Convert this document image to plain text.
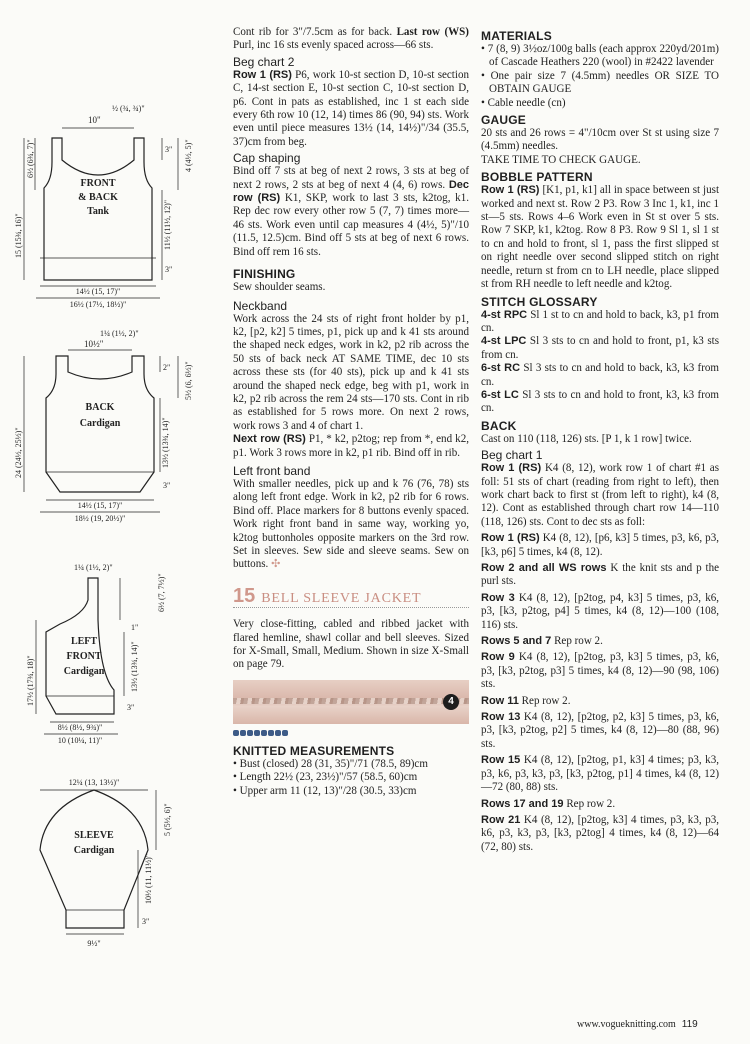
FRONT
& BACK
Tank
½ (¾, ¾)"
10"
6½ (6¾, 7)"
15 (15¾, 16)"
3" 4 (4½, 5)"
11½ (11½, 12)"
3"
14½ (15, 17)"
16½ (17½, 18½)"
1¼ (1½, 2)"
10½"
BACK
Cardigan
24 (24½, 25½)"
2" 5½ (6, 6½)"
13½ (13¾, 14)"
3"
14½ (15, 17)"
18½ (19, 20½)"
1¼ (1½, 2)"
LEFT
FRONT
Cardigan
6½ (7, 7½)"
1"
17½ (17¾, 18)"	13½ (13¾, 14)"
3"
8½ (8½, 9¾)"
10 (10¼, 11)"
12¼ (13, 13½)"
SLEEVE
Cardigan
5 (5½, 6)"
10½ (11, 11½)"
3"
9½"

Cont rib for 3"/7.5cm as for back. Last row (WS) Purl, inc 16 sts evenly spaced across—66 sts.

Beg chart 2

Row 1 (RS) P6, work 10-st section D, 10-st section C, 14-st section E, 10-st section C, 10-st section D, p6. Cont in pats as established, inc 1 st each side every 6th row 10 (12, 14) times 86 (90, 94) sts. Work even until piece measures 13½ (14, 14½)"/34 (35.5, 37)cm from beg.

Cap shaping

Bind off 7 sts at beg of next 2 rows, 3 sts at beg of next 2 rows, 2 sts at beg of next 4 (4, 6) rows. Dec row (RS) K1, SKP, work to last 3 sts, k2tog, k1. Rep dec row every other row 5 (7, 7) times more—46 sts. Work even until cap measures 4 (4½, 5)"/10 (11.5, 12.5)cm. Bind off 5 sts at beg of next 6 rows. Bind off rem 16 sts.

FINISHING

Sew shoulder seams.

Neckband

Work across the 24 sts of right front holder by p1, k2, [p2, k2] 5 times, p1, pick up and k 41 sts around the shaped neck edges, work in k2, p2 rib across the 50 sts of back neck AT SAME TIME, dec 10 sts across these sts (for 40 sts), pick up and k 41 sts around the shaped neck edge, beg with p1, work in k2, p2 rib across the rem 24 sts—170 sts. Cont in rib as established for 5 rows more. On next 2 rows, work rows 3 and 4 of chart 1.

Next row (RS) P1, * k2, p2tog; rep from *, end k2, p1. Work 3 rows more in k2, p1 rib. Bind off in rib.

Left front band

With smaller needles, pick up and k 76 (76, 78) sts along left front edge. Work in k2, p2 rib for 6 rows. Bind off. Place markers for 8 buttons evenly spaced. Work right front band in same way, working yo, k2tog buttonholes opposite markers on the 3rd row. Set in sleeves. Sew side and sleeve seams. Sew on buttons. ✣

15 BELL SLEEVE JACKET

Very close-fitting, cabled and ribbed jacket with flared hemline, shawl collar and bell sleeves. Sized for X-Small, Small, Medium. Shown in size X-Small on page 79.

4
KNITTED MEASUREMENTS

• Bust (closed) 28 (31, 35)"/71 (78.5, 89)cm

• Length 22½ (23, 23½)"/57 (58.5, 60)cm

• Upper arm 11 (12, 13)"/28 (30.5, 33)cm

MATERIALS

• 7 (8, 9) 3½oz/100g balls (each approx 220yd/201m) of Cascade Heathers 220 (wool) in #2422 lavender

• One pair size 7 (4.5mm) needles OR SIZE TO OBTAIN GAUGE

• Cable needle (cn)

GAUGE

20 sts and 26 rows = 4"/10cm over St st using size 7 (4.5mm) needles.

TAKE TIME TO CHECK GAUGE.

BOBBLE PATTERN

Row 1 (RS) [K1, p1, k1] all in space between st just worked and next st. Row 2 P3. Row 3 Inc 1, k1, inc 1 st—5 sts. Rows 4–6 Work even in St st over 5 sts. Row 7 SKP, k1, k2tog. Row 8 P3. Row 9 Sl 1, sl 1 st to cn and hold to front, sl 1, pass the first slipped st on right needle over second slipped stitch on right needle, return st from cn to LH needle, place slipped st from RH needle to left needle and k2tog.

STITCH GLOSSARY

4-st RPC Sl 1 st to cn and hold to back, k3, p1 from cn.

4-st LPC Sl 3 sts to cn and hold to front, p1, k3 sts from cn.

6-st RC Sl 3 sts to cn and hold to back, k3, k3 from cn.

6-st LC Sl 3 sts to cn and hold to front, k3, k3 from cn.

BACK

Cast on 110 (118, 126) sts. [P 1, k 1 row] twice.

Beg chart 1

Row 1 (RS) K4 (8, 12), work row 1 of chart #1 as foll: 51 sts of chart (reading from right to left), then work chart back to first st (from left to right), k4 (8, 12). Cont as established through chart row 14—110 (118, 126) sts. Cont to dec sts as foll:

Row 1 (RS) K4 (8, 12), [p6, k3] 5 times, p3, k6, p3, [k3, p6] 5 times, k4 (8, 12).

Row 2 and all WS rows K the knit sts and p the purl sts.

Row 3 K4 (8, 12), [p2tog, p4, k3] 5 times, p3, k6, p3, [k3, p2tog, p4] 5 times, k4 (8, 12)—100 (108, 116) sts.

Rows 5 and 7 Rep row 2.

Row 9 K4 (8, 12), [p2tog, p3, k3] 5 times, p3, k6, p3, [k3, p2tog, p3] 5 times, k4 (8, 12)—90 (98, 106) sts.

Row 11 Rep row 2.

Row 13 K4 (8, 12), [p2tog, p2, k3] 5 times, p3, k6, p3, [k3, p2tog, p2] 5 times, k4 (8, 12)—80 (88, 96) sts.

Row 15 K4 (8, 12), [p2tog, p1, k3] 4 times; p3, k3, p3, k6, p3, k3, p3, [k3, p2tog, p1] 4 times, k4 (8, 12)—72 (80, 88) sts.

Rows 17 and 19 Rep row 2.

Row 21 K4 (8, 12), [p2tog, k3] 4 times, p3, k3, p3, k6, p3, k3, p3, [k3, p2tog] 4 times, k4 (8, 12)—64 (72, 80) sts.

www.vogueknitting.com 119
